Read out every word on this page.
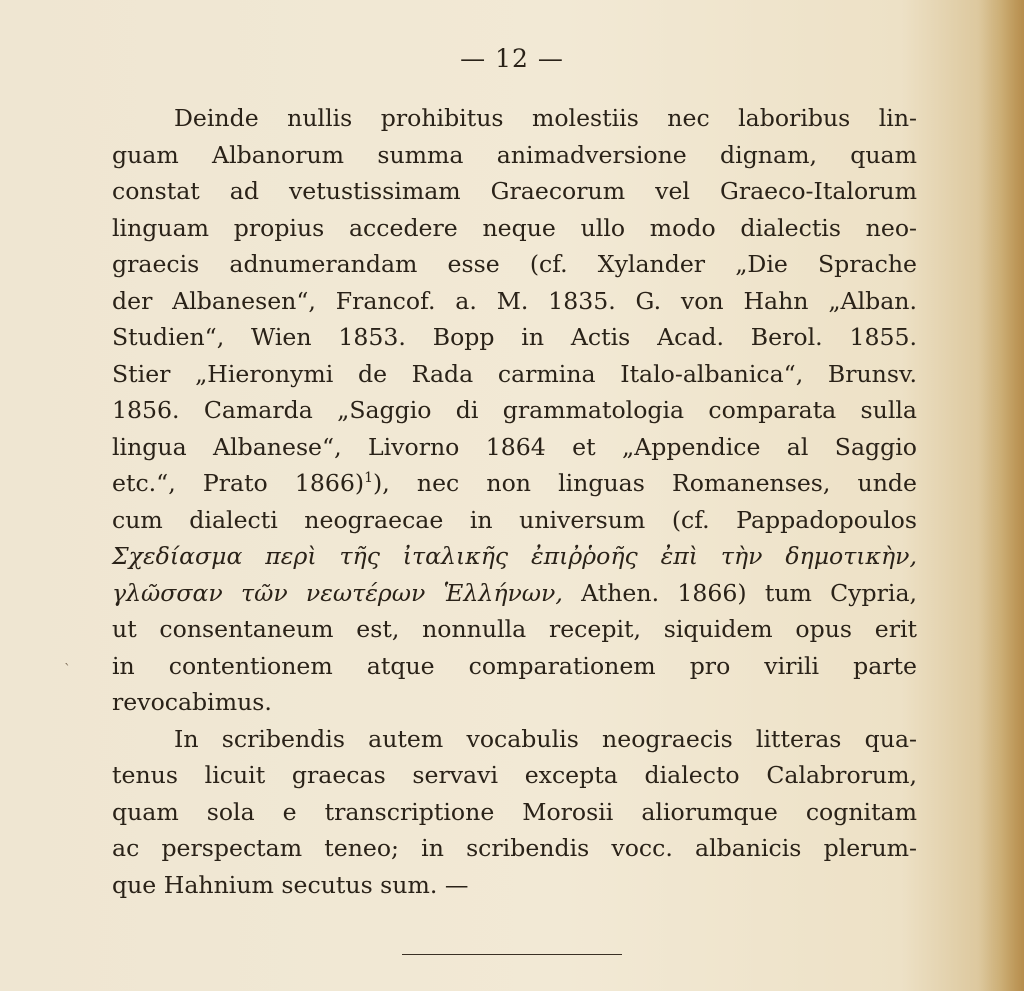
— 12 —
Deinde nullis prohibitus molestiis nec laboribus lin-
guam Albanorum summa animadversione dignam, quam
constat ad vetustissimam Graecorum vel Graeco-Italorum
linguam propius accedere neque ullo modo dialectis neo-
graecis adnumerandam esse (cf. Xylander „Die Sprache
der Albanesen“, Francof. a. M. 1835. G. von Hahn „Alban.
Studien“, Wien 1853. Bopp in Actis Acad. Berol. 1855.
Stier „Hieronymi de Rada carmina Italo-albanica“, Brunsv.
1856. Camarda „Saggio di grammatologia comparata sulla
lingua Albanese“, Livorno 1864 et „Appendice al Saggio
etc.“, Prato 1866)$^1$), nec non linguas Romanenses, unde
cum dialecti neograecae in universum (cf. Pappadopoulos
Σχεδίασμα περὶ τῆς ἰταλικῆς ἐπιῤῥοῆς ἐπὶ τὴν δημοτικὴν,
γλῶσσαν τῶν νεωτέρων Ἑλλήνων, Athen. 1866) tum Cypria,
ut consentaneum est, nonnulla recepit, siquidem opus erit
in contentionem atque comparationem pro virili parte
revocabimus.
In scribendis autem vocabulis neograecis litteras qua-
tenus licuit graecas servavi excepta dialecto Calabrorum,
quam sola e transcriptione Morosii aliorumque cognitam
ac perspectam teneo; in scribendis vocc. albanicis plerum-
que Hahnium secutus sum. —
`
